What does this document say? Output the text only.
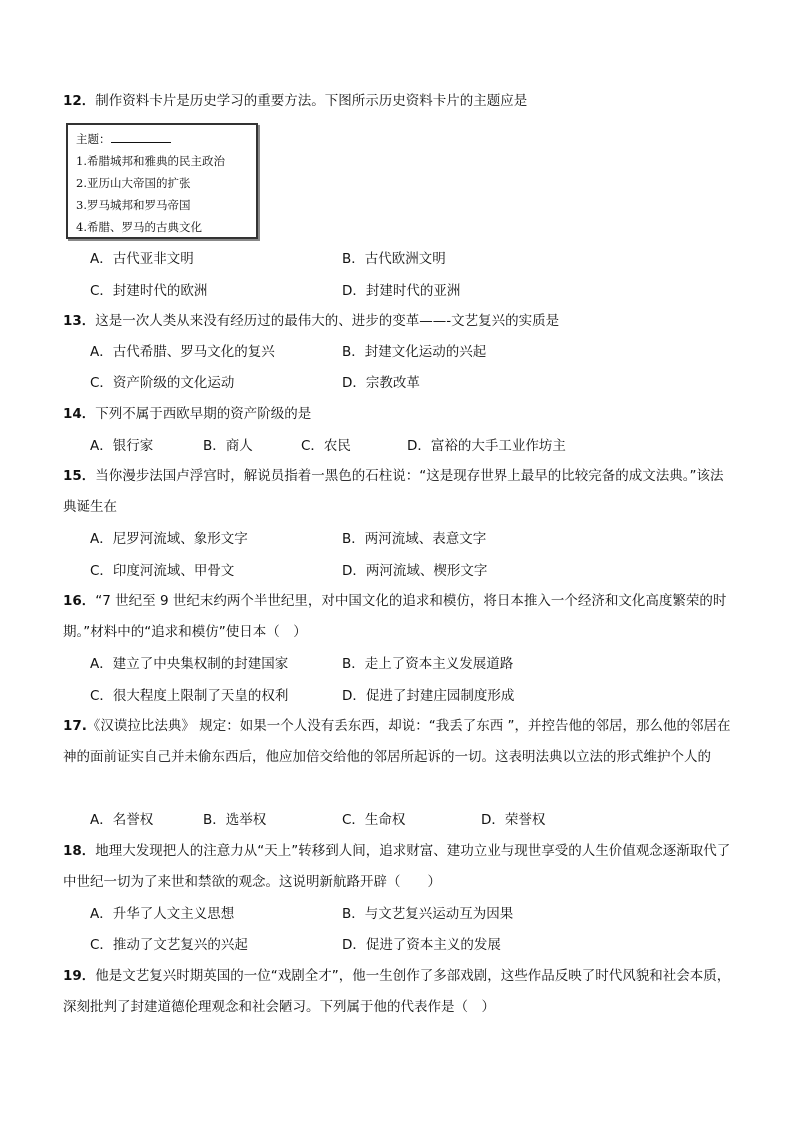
12．制作资料卡片是历史学习的重要方法。下图所示历史资料卡片的主题应是
主题：
1.希腊城邦和雅典的民主政治
2.亚历山大帝国的扩张
3.罗马城邦和罗马帝国
4.希腊、罗马的古典文化
A．古代亚非文明	B．古代欧洲文明
C．封建时代的欧洲	D．封建时代的亚洲
13．这是一次人类从来没有经历过的最伟大的、进步的变革——-文艺复兴的实质是
A．古代希腊、罗马文化的复兴	B．封建文化运动的兴起
C．资产阶级的文化运动	D．宗教改革
14．下列不属于西欧早期的资产阶级的是
A．银行家	B．商人	C．农民	D．富裕的大手工业作坊主
15．当你漫步法国卢浮宫时，解说员指着一黑色的石柱说：“这是现存世界上最早的比较完备的成文法典。”该法典诞生在
A．尼罗河流域、象形文字	B．两河流域、表意文字
C．印度河流域、甲骨文	D．两河流域、楔形文字
16．“7 世纪至 9 世纪末约两个半世纪里，对中国文化的追求和模仿，将日本推入一个经济和文化高度繁荣的时期。”材料中的“追求和模仿”使日本（　）
A．建立了中央集权制的封建国家	B．走上了资本主义发展道路
C．很大程度上限制了天皇的权利	D．促进了封建庄园制度形成
17.《汉谟拉比法典》 规定：如果一个人没有丢东西，却说：“我丢了东西 ”，并控告他的邻居，那么他的邻居在神的面前证实自己并未偷东西后，他应加倍交给他的邻居所起诉的一切。这表明法典以立法的形式维护个人的
A．名誉权	B．选举权	C．生命权	D．荣誉权
18．地理大发现把人的注意力从“天上”转移到人间，追求财富、建功立业与现世享受的人生价值观念逐渐取代了中世纪一切为了来世和禁欲的观念。这说明新航路开辟（　　）
A．升华了人文主义思想	B．与文艺复兴运动互为因果
C．推动了文艺复兴的兴起	D．促进了资本主义的发展
19．他是文艺复兴时期英国的一位“戏剧全才”，他一生创作了多部戏剧，这些作品反映了时代风貌和社会本质，深刻批判了封建道德伦理观念和社会陋习。下列属于他的代表作是（　）
